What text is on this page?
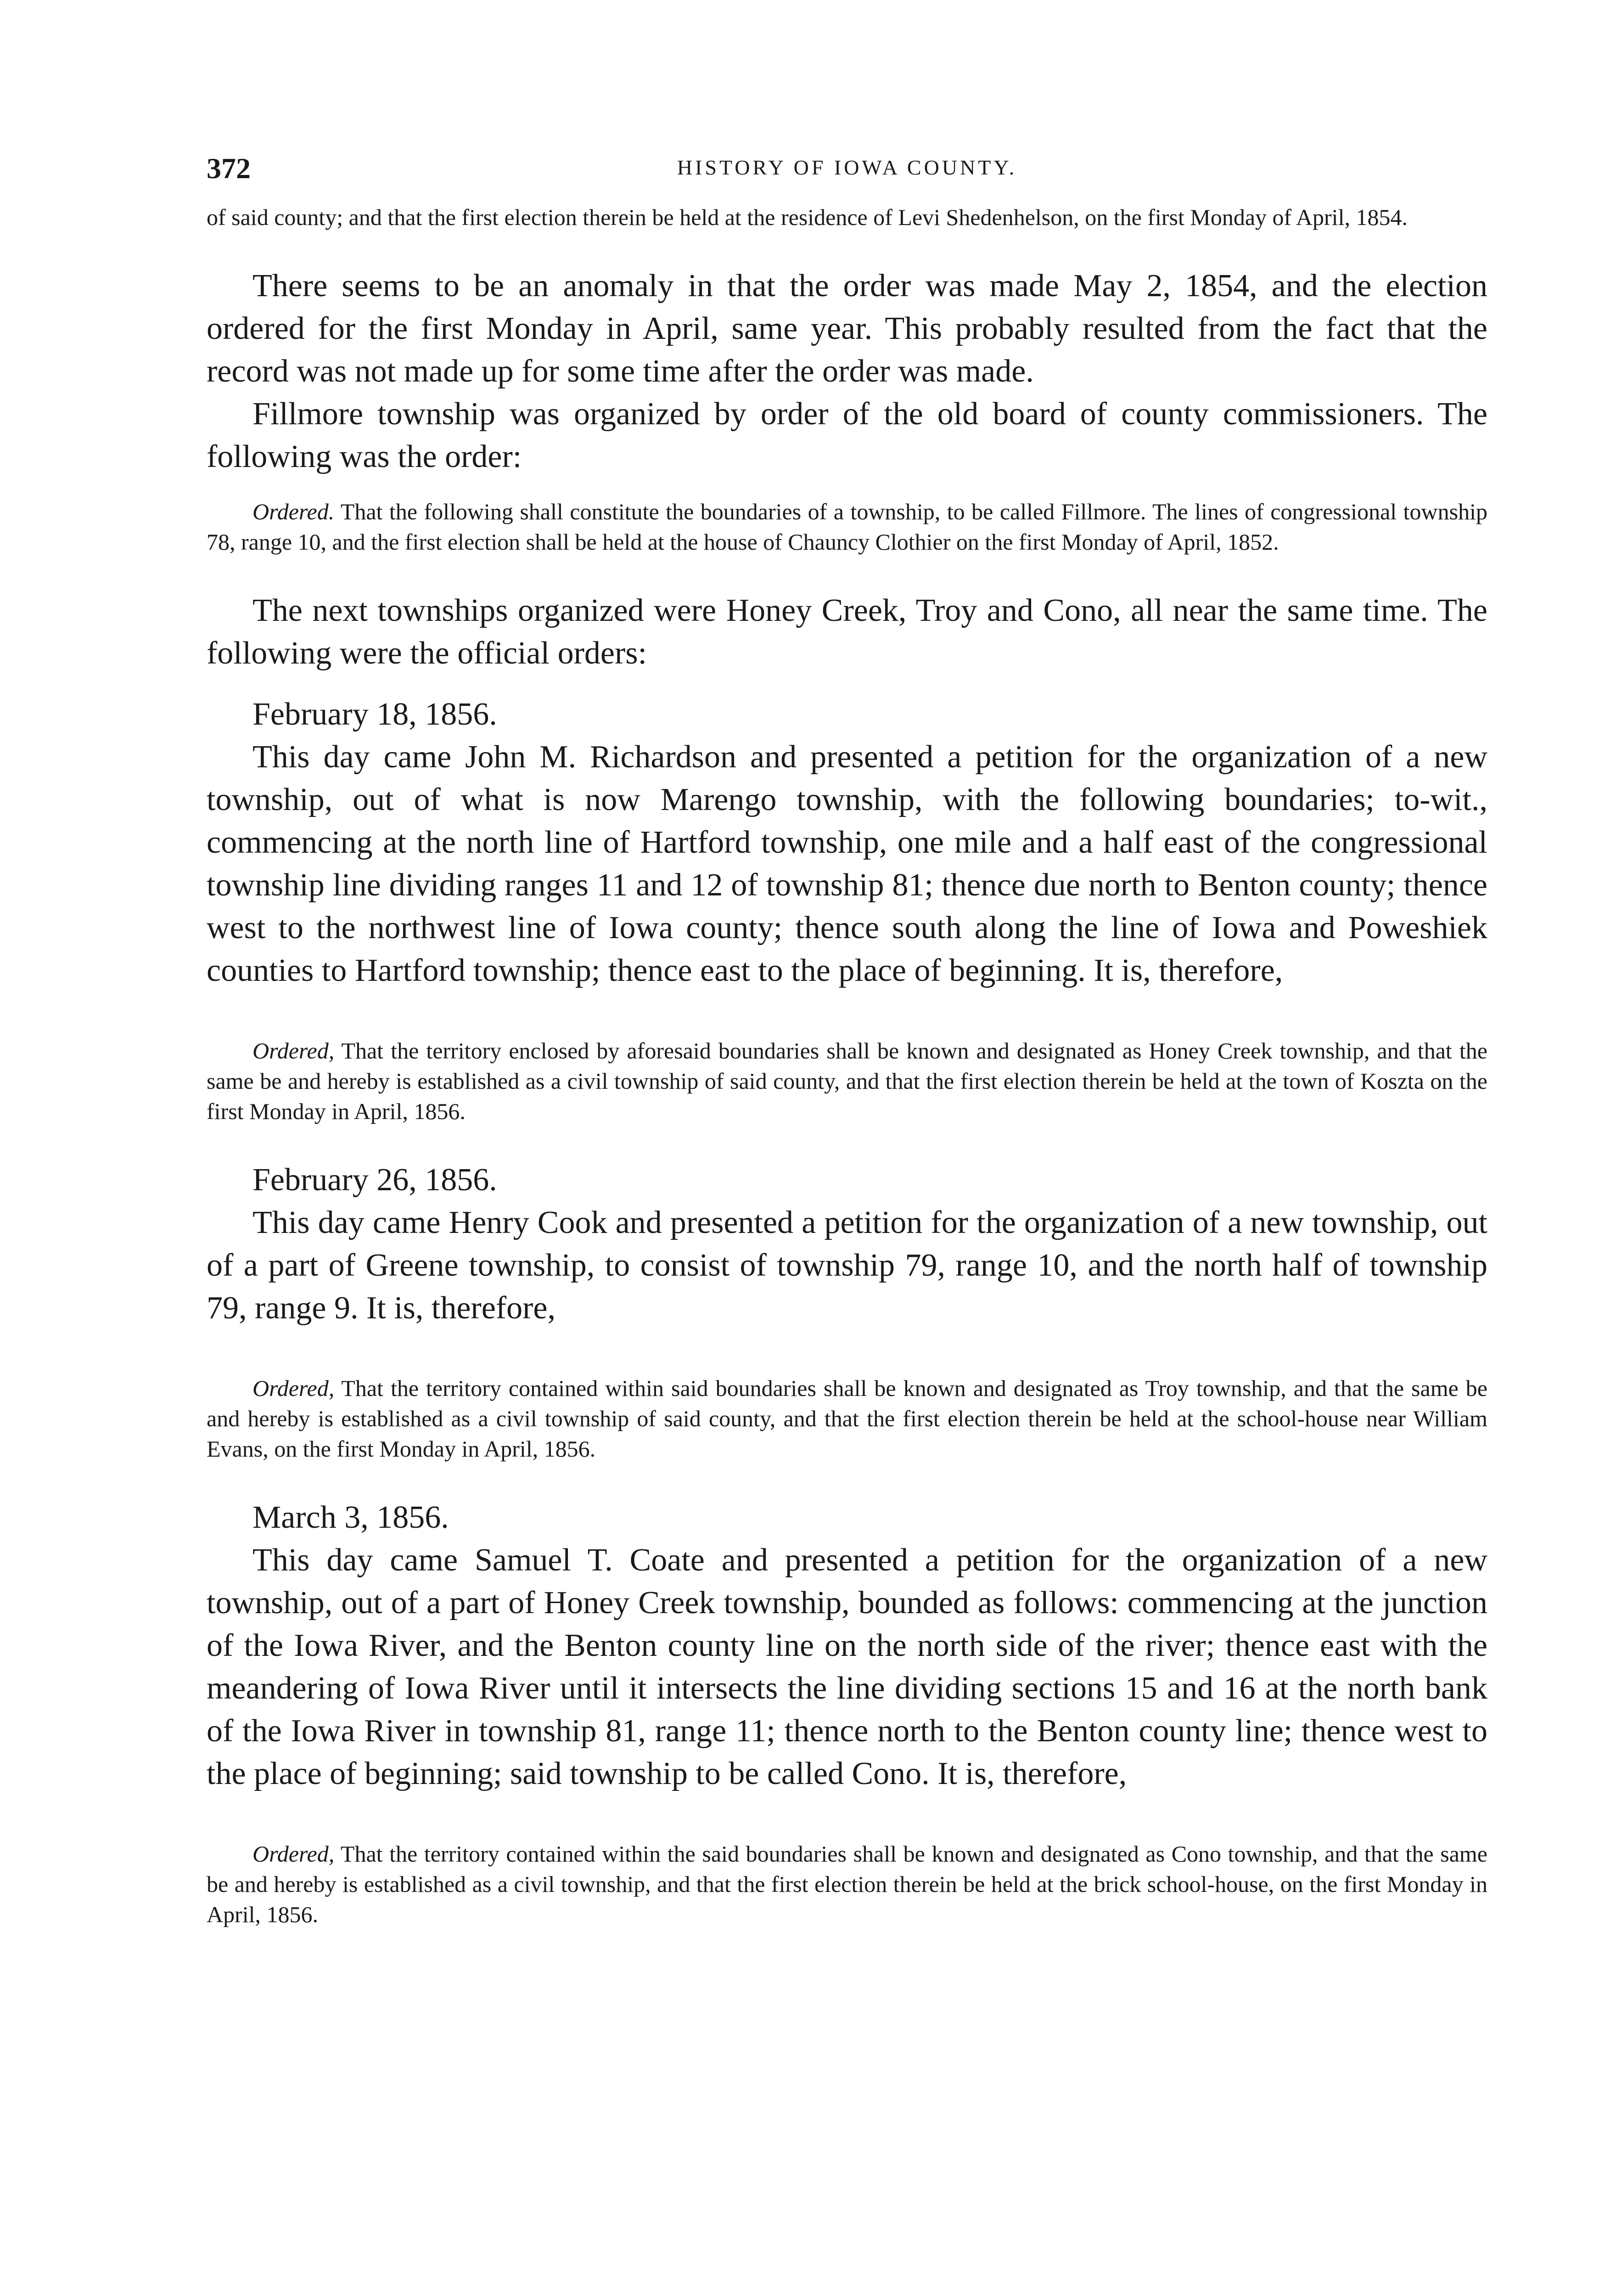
372	HISTORY OF IOWA COUNTY.

of said county; and that the first election therein be held at the residence of Levi Shedenhelson, on the first Monday of April, 1854.

There seems to be an anomaly in that the order was made May 2, 1854, and the election ordered for the first Monday in April, same year. This probably resulted from the fact that the record was not made up for some time after the order was made.

Fillmore township was organized by order of the old board of county commissioners. The following was the order:

Ordered. That the following shall constitute the boundaries of a township, to be called Fillmore. The lines of congressional township 78, range 10, and the first election shall be held at the house of Chauncy Clothier on the first Monday of April, 1852.

The next townships organized were Honey Creek, Troy and Cono, all near the same time. The following were the official orders:

February 18, 1856.

This day came John M. Richardson and presented a petition for the organization of a new township, out of what is now Marengo township, with the following boundaries; to-wit., commencing at the north line of Hartford township, one mile and a half east of the congressional township line dividing ranges 11 and 12 of township 81; thence due north to Benton county; thence west to the northwest line of Iowa county; thence south along the line of Iowa and Poweshiek counties to Hartford township; thence east to the place of beginning. It is, therefore,

Ordered, That the territory enclosed by aforesaid boundaries shall be known and designated as Honey Creek township, and that the same be and hereby is established as a civil township of said county, and that the first election therein be held at the town of Koszta on the first Monday in April, 1856.

February 26, 1856.

This day came Henry Cook and presented a petition for the organization of a new township, out of a part of Greene township, to consist of township 79, range 10, and the north half of township 79, range 9. It is, therefore,

Ordered, That the territory contained within said boundaries shall be known and designated as Troy township, and that the same be and hereby is established as a civil township of said county, and that the first election therein be held at the school-house near William Evans, on the first Monday in April, 1856.

March 3, 1856.

This day came Samuel T. Coate and presented a petition for the organization of a new township, out of a part of Honey Creek township, bounded as follows: commencing at the junction of the Iowa River, and the Benton county line on the north side of the river; thence east with the meandering of Iowa River until it intersects the line dividing sections 15 and 16 at the north bank of the Iowa River in township 81, range 11; thence north to the Benton county line; thence west to the place of beginning; said township to be called Cono. It is, therefore,

Ordered, That the territory contained within the said boundaries shall be known and designated as Cono township, and that the same be and hereby is established as a civil township, and that the first election therein be held at the brick school-house, on the first Monday in April, 1856.
